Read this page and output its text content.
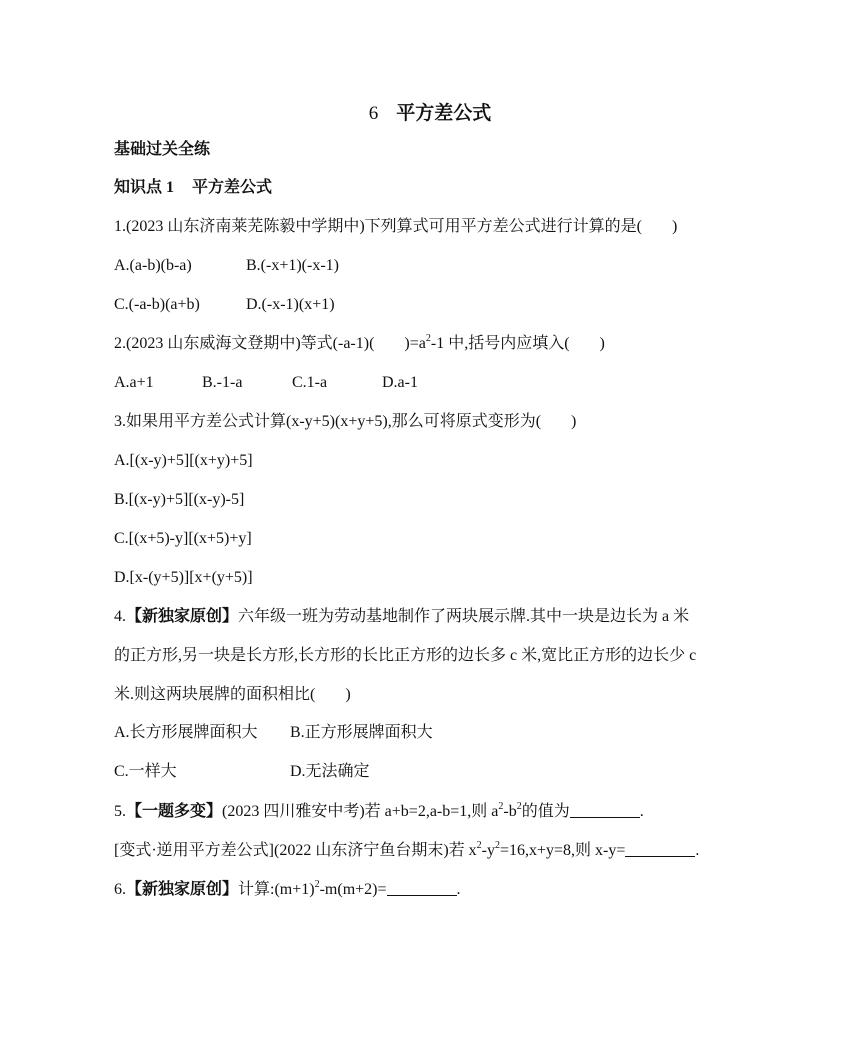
6 平方差公式
基础过关全练
知识点 1 平方差公式
1.(2023 山东济南莱芜陈毅中学期中)下列算式可用平方差公式进行计算的是( )
A.(a-b)(b-a)	B.(-x+1)(-x-1)
C.(-a-b)(a+b)	D.(-x-1)(x+1)
2.(2023 山东威海文登期中)等式(-a-1)( )$=a^2-1$ 中,括号内应填入( )
A.a+1	B.-1-a	C.1-a	D.a-1
3.如果用平方差公式计算(x-y+5)(x+y+5),那么可将原式变形为( )
A.[(x-y)+5][(x+y)+5]
B.[(x-y)+5][(x-y)-5]
C.[(x+5)-y][(x+5)+y]
D.[x-(y+5)][x+(y+5)]
4.【新独家原创】六年级一班为劳动基地制作了两块展示牌.其中一块是边长为 a 米
的正方形,另一块是长方形,长方形的长比正方形的边长多 c 米,宽比正方形的边长少 c
米.则这两块展牌的面积相比( )
A.长方形展牌面积大 B.正方形展牌面积大
C.一样大	D.无法确定
5.【一题多变】(2023 四川雅安中考)若 a+b=2,a-b=1,则 $a^2-b^2$的值为	.
[变式·逆用平方差公式](2022 山东济宁鱼台期末)若 $x^2-y^2=16,x+y=8$,则 x-y=	.
6.【新独家原创】计算$:(m+1)^2-m(m+2)=$	.
